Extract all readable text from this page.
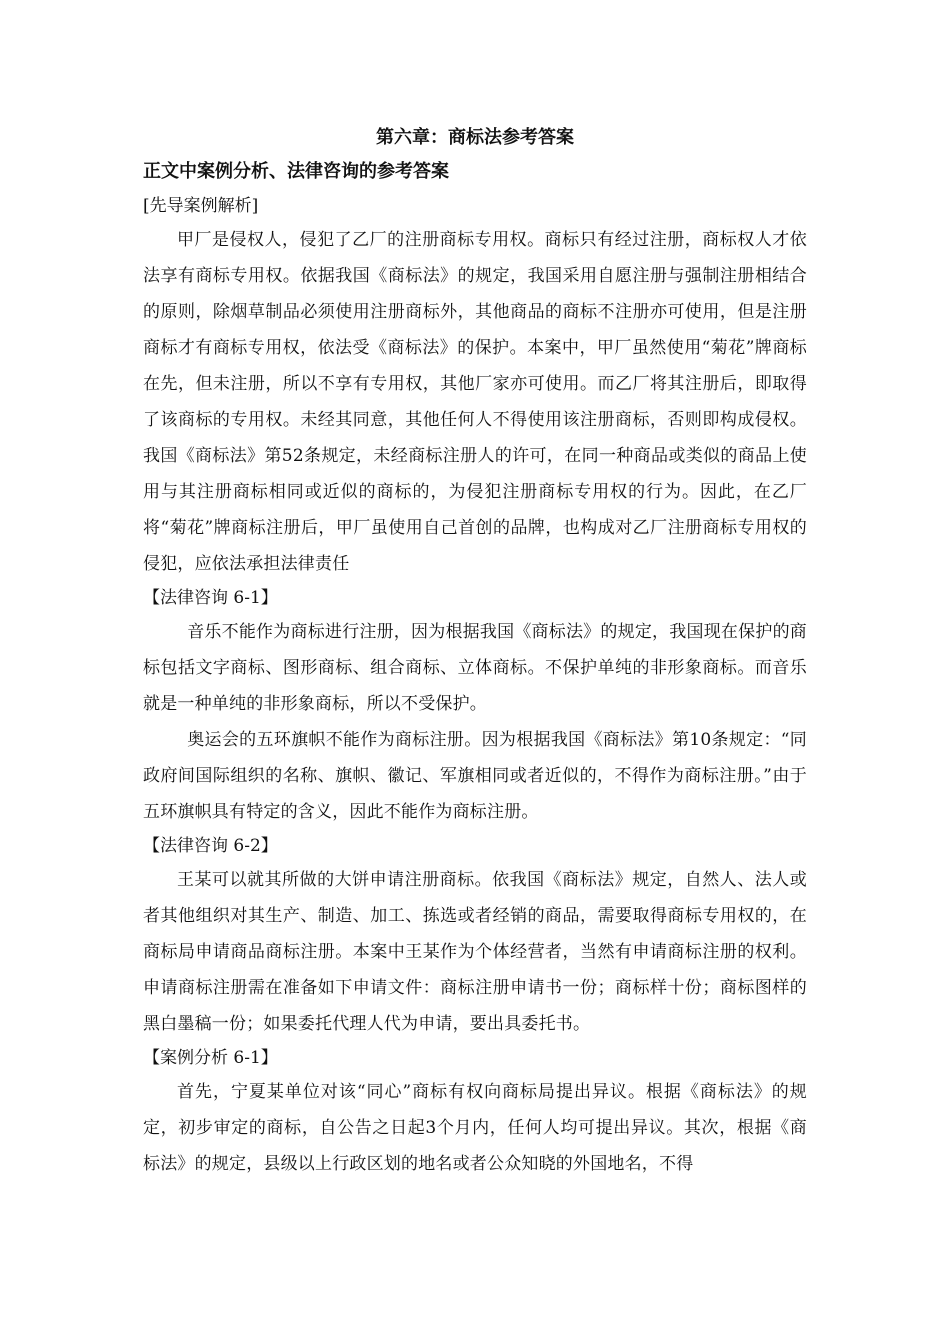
第六章：商标法参考答案
正文中案例分析、法律咨询的参考答案
[先导案例解析]

甲厂是侵权人，侵犯了乙厂的注册商标专用权。商标只有经过注册，商标权人才依法享有商标专用权。依据我国《商标法》的规定，我国采用自愿注册与强制注册相结合的原则，除烟草制品必须使用注册商标外，其他商品的商标不注册亦可使用，但是注册商标才有商标专用权，依法受《商标法》的保护。本案中，甲厂虽然使用“菊花”牌商标在先，但未注册，所以不享有专用权，其他厂家亦可使用。而乙厂将其注册后，即取得了该商标的专用权。未经其同意，其他任何人不得使用该注册商标，否则即构成侵权。我国《商标法》第52条规定，未经商标注册人的许可，在同一种商品或类似的商品上使用与其注册商标相同或近似的商标的，为侵犯注册商标专用权的行为。因此，在乙厂将“菊花”牌商标注册后，甲厂虽使用自己首创的品牌，也构成对乙厂注册商标专用权的侵犯，应依法承担法律责任

【法律咨询 6-1】

音乐不能作为商标进行注册，因为根据我国《商标法》的规定，我国现在保护的商标包括文字商标、图形商标、组合商标、立体商标。不保护单纯的非形象商标。而音乐就是一种单纯的非形象商标，所以不受保护。

奥运会的五环旗帜不能作为商标注册。因为根据我国《商标法》第10条规定：“同政府间国际组织的名称、旗帜、徽记、军旗相同或者近似的，不得作为商标注册。”由于五环旗帜具有特定的含义，因此不能作为商标注册。

【法律咨询 6-2】

王某可以就其所做的大饼申请注册商标。依我国《商标法》规定，自然人、法人或者其他组织对其生产、制造、加工、拣选或者经销的商品，需要取得商标专用权的，在商标局申请商品商标注册。本案中王某作为个体经营者，当然有申请商标注册的权利。申请商标注册需在准备如下申请文件：商标注册申请书一份；商标样十份；商标图样的黑白墨稿一份；如果委托代理人代为申请，要出具委托书。

【案例分析 6-1】

首先，宁夏某单位对该“同心”商标有权向商标局提出异议。根据《商标法》的规定，初步审定的商标，自公告之日起3个月内，任何人均可提出异议。其次，根据《商标法》的规定，县级以上行政区划的地名或者公众知晓的外国地名，不得
